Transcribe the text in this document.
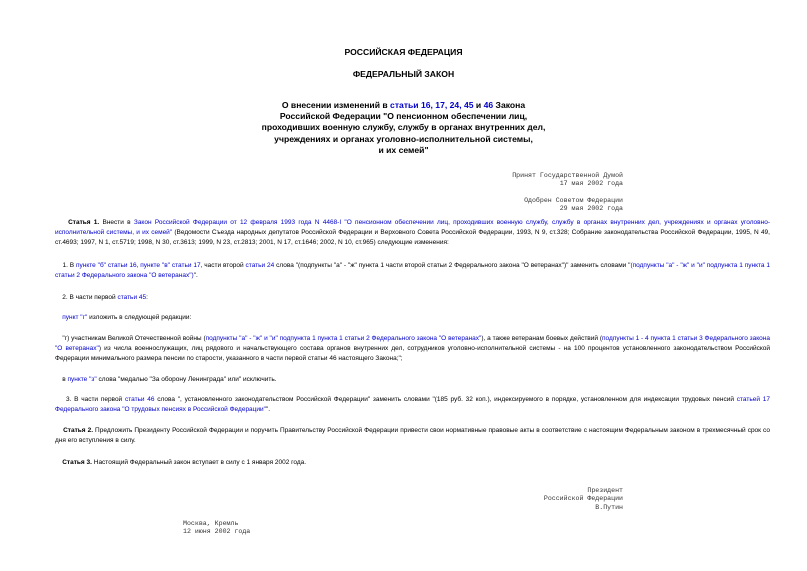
РОССИЙСКАЯ ФЕДЕРАЦИЯ
ФЕДЕРАЛЬНЫЙ ЗАКОН
О внесении изменений в статьи 16, 17, 24, 45 и 46 Закона
Российской Федерации "О пенсионном обеспечении лиц,
проходивших военную службу, службу в органах внутренних дел,
учреждениях и органах уголовно-исполнительной системы,
и их семей"
Принят Государственной Думой
17 мая 2002 года
Одобрен Советом Федерации
29 мая 2002 года
Статья 1. Внести в Закон Российской Федерации от 12 февраля 1993 года N 4468-I "О пенсионном обеспечении лиц, проходивших военную службу, службу в органах внутренних дел, учреждениях и органах уголовно-исполнительной системы, и их семей" (Ведомости Съезда народных депутатов Российской Федерации и Верховного Совета Российской Федерации, 1993, N 9, ст.328; Собрание законодательства Российской Федерации, 1995, N 49, ст.4693; 1997, N 1, ст.5719; 1998, N 30, ст.3613; 1999, N 23, ст.2813; 2001, N 17, ст.1646; 2002, N 10, ст.965) следующие изменения:
1. В пункте "б" статьи 16, пункте "в" статьи 17, части второй статьи 24 слова "(подпункты "а" - "ж" пункта 1 части второй статьи 2 Федерального закона "О ветеранах")" заменить словами "(подпункты "а" - "ж" и "и" подпункта 1 пункта 1 статьи 2 Федерального закона "О ветеранах")".
2. В части первой статьи 45:
пункт "г" изложить в следующей редакции:
"г) участникам Великой Отечественной войны (подпункты "а" - "ж" и "и" подпункта 1 пункта 1 статьи 2 Федерального закона "О ветеранах"), а также ветеранам боевых действий (подпункты 1 - 4 пункта 1 статьи 3 Федерального закона "О ветеранах") из числа военнослужащих, лиц рядового и начальствующего состава органов внутренних дел, сотрудников уголовно-исполнительной системы - на 100 процентов установленного законодательством Российской Федерации минимального размера пенсии по старости, указанного в части первой статьи 46 настоящего Закона;";
в пункте "з" слова "медалью "За оборону Ленинграда" или" исключить.
3. В части первой статьи 46 слова ", установленного законодательством Российской Федерации" заменить словами "(185 руб. 32 коп.), индексируемого в порядке, установленном для индексации трудовых пенсий статьей 17 Федерального закона "О трудовых пенсиях в Российской Федерации"".
Статья 2. Предложить Президенту Российской Федерации и поручить Правительству Российской Федерации привести свои нормативные правовые акты в соответствие с настоящим Федеральным законом в трехмесячный срок со дня его вступления в силу.
Статья 3. Настоящий Федеральный закон вступает в силу с 1 января 2002 года.
Президент
Российской Федерации
В.Путин
Москва, Кремль
12 июня 2002 года
